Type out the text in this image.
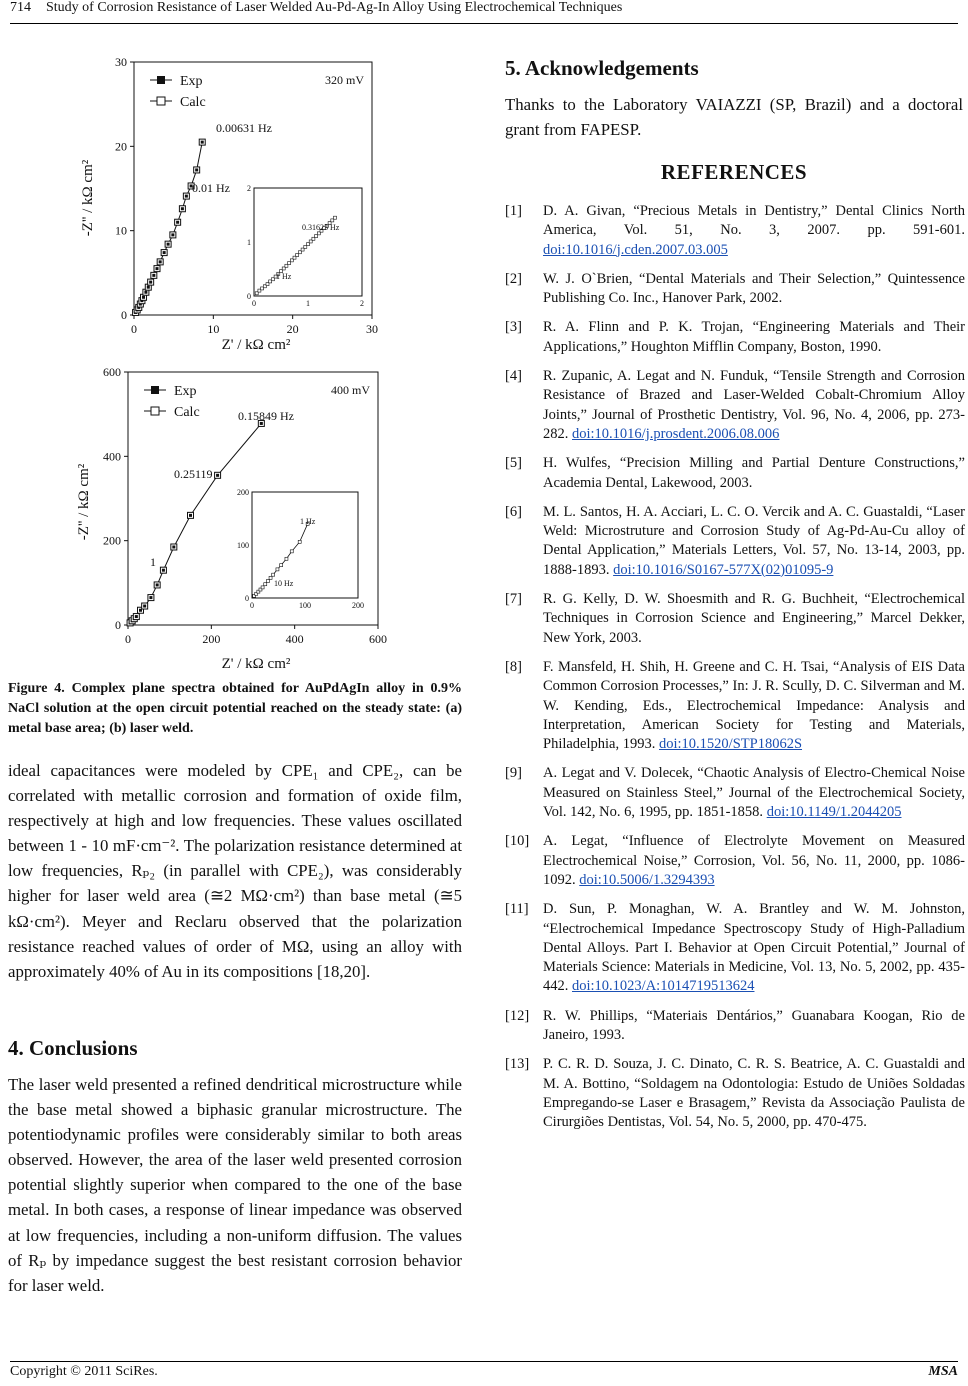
714 Study of Corrosion Resistance of Laser Welded Au-Pd-Ag-In Alloy Using Electrochemical Techniques
-Z'' / kΩ cm²
Z' / kΩ cm²
0	10	20	30
0
10
20
30
Exp
Calc
320 mV
0.00631 Hz
0.01 Hz
0	1	2
0
1
2
0.31623 Hz
1 Hz
-Z'' / kΩ cm²
Z' / kΩ cm²
0	200	400	600
0
200
400
600
Exp
Calc
400 mV
0.15849 Hz
0.25119
1
0	100	200
0
100
200
1 Hz
10 Hz
Figure 4. Complex plane spectra obtained for AuPdAgIn alloy in 0.9% NaCl solution at the open circuit potential reached on the steady state: (a) metal base area; (b) laser weld.
ideal capacitances were modeled by CPE₁ and CPE₂, can be correlated with metallic corrosion and formation of oxide film, respectively at high and low frequencies. These values oscillated between 1 - 10 mF·cm⁻². The polarization resistance determined at low frequencies, Rₚ₂ (in parallel with CPE₂), was considerably higher for laser weld area (≅2 MΩ·cm²) than base metal (≅5 kΩ·cm²). Meyer and Reclaru observed that the polarization resistance reached values of order of MΩ, using an alloy with approximately 40% of Au in its compositions [18,20].
4. Conclusions
The laser weld presented a refined dendritical microstructure while the base metal showed a biphasic granular microstructure. The potentiodynamic profiles were considerably similar to both areas observed. However, the area of the laser weld presented corrosion potential slightly superior when compared to the one of the base metal. In both cases, a response of linear impedance was observed at low frequencies, including a non-uniform diffusion. The values of Rₚ by impedance suggest the best resistant corrosion behavior for laser weld.
5. Acknowledgements
Thanks to the Laboratory VAIAZZI (SP, Brazil) and a doctoral grant from FAPESP.
REFERENCES
[1]	D. A. Givan, “Precious Metals in Dentistry,” Dental Clinics North America, Vol. 51, No. 3, 2007. pp. 591-601. doi:10.1016/j.cden.2007.03.005
[2]	W. J. O`Brien, “Dental Materials and Their Selection,” Quintessence Publishing Co. Inc., Hanover Park, 2002.
[3]	R. A. Flinn and P. K. Trojan, “Engineering Materials and Their Applications,” Houghton Mifflin Company, Boston, 1990.
[4]	R. Zupanic, A. Legat and N. Funduk, “Tensile Strength and Corrosion Resistance of Brazed and Laser-Welded Cobalt-Chromium Alloy Joints,” Journal of Prosthetic Dentistry, Vol. 96, No. 4, 2006, pp. 273-282. doi:10.1016/j.prosdent.2006.08.006
[5]	H. Wulfes, “Precision Milling and Partial Denture Constructions,” Academia Dental, Lakewood, 2003.
[6]	M. L. Santos, H. A. Acciari, L. C. O. Vercik and A. C. Guastaldi, “Laser Weld: Microstruture and Corrosion Study of Ag-Pd-Au-Cu alloy of Dental Application,” Materials Letters, Vol. 57, No. 13-14, 2003, pp. 1888-1893. doi:10.1016/S0167-577X(02)01095-9
[7]	R. G. Kelly, D. W. Shoesmith and R. G. Buchheit, “Electrochemical Techniques in Corrosion Science and Engineering,” Marcel Dekker, New York, 2003.
[8]	F. Mansfeld, H. Shih, H. Greene and C. H. Tsai, “Analysis of EIS Data Common Corrosion Processes,” In: J. R. Scully, D. C. Silverman and M. W. Kending, Eds., Electrochemical Impedance: Analysis and Interpretation, American Society for Testing and Materials, Philadelphia, 1993. doi:10.1520/STP18062S
[9]	A. Legat and V. Dolecek, “Chaotic Analysis of Electro-Chemical Noise Measured on Stainless Steel,” Journal of the Electrochemical Society, Vol. 142, No. 6, 1995, pp. 1851-1858. doi:10.1149/1.2044205
[10] A. Legat, “Influence of Electrolyte Movement on Measured Electrochemical Noise,” Corrosion, Vol. 56, No. 11, 2000, pp. 1086-1092. doi:10.5006/1.3294393
[11] D. Sun, P. Monaghan, W. A. Brantley and W. M. Johnston, “Electrochemical Impedance Spectroscopy Study of High-Palladium Dental Alloys. Part I. Behavior at Open Circuit Potential,” Journal of Materials Science: Materials in Medicine, Vol. 13, No. 5, 2002, pp. 435-442. doi:10.1023/A:1014719513624
[12] R. W. Phillips, “Materiais Dentários,” Guanabara Koogan, Rio de Janeiro, 1993.
[13] P. C. R. D. Souza, J. C. Dinato, C. R. S. Beatrice, A. C. Guastaldi and M. A. Bottino, “Soldagem na Odontologia: Estudo de Uniões Soldadas Empregando-se Laser e Brasagem,” Revista da Associação Paulista de Cirurgiões Dentistas, Vol. 54, No. 5, 2000, pp. 470-475.
Copyright © 2011 SciRes.	MSA
